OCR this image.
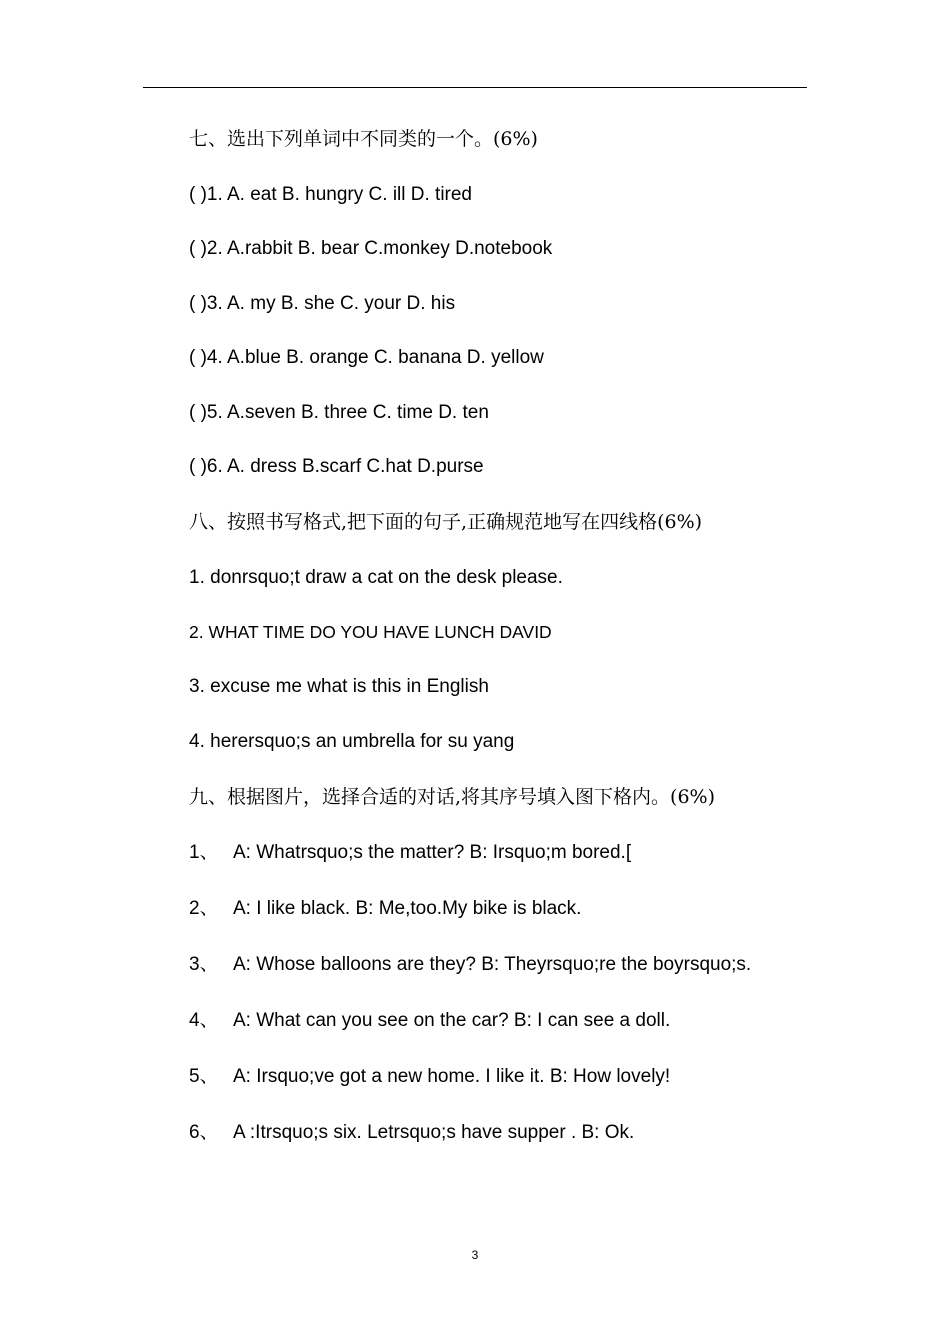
七、选出下列单词中不同类的一个。(6%)
( )1. A. eat B. hungry C. ill D. tired
( )2. A.rabbit B. bear C.monkey D.notebook
( )3. A. my B. she C. your D. his
( )4. A.blue B. orange C. banana D. yellow
( )5. A.seven B. three C. time D. ten
( )6. A. dress B.scarf C.hat D.purse
八、按照书写格式,把下面的句子,正确规范地写在四线格(6%)
1. donrsquo;t draw a cat on the desk please.
2. WHAT TIME DO YOU HAVE LUNCH DAVID
3. excuse me what is this in English
4. herersquo;s an umbrella for su yang
九、根据图片，选择合适的对话,将其序号填入图下格内。(6%)
1、 A: Whatrsquo;s the matter? B: Irsquo;m bored.[
2、 A: I like black. B: Me,too.My bike is black.
3、 A: Whose balloons are they? B: Theyrsquo;re the boyrsquo;s.
4、 A: What can you see on the car? B: I can see a doll.
5、 A: Irsquo;ve got a new home. I like it. B: How lovely!
6、 A :Itrsquo;s six. Letrsquo;s have supper . B: Ok.
3
